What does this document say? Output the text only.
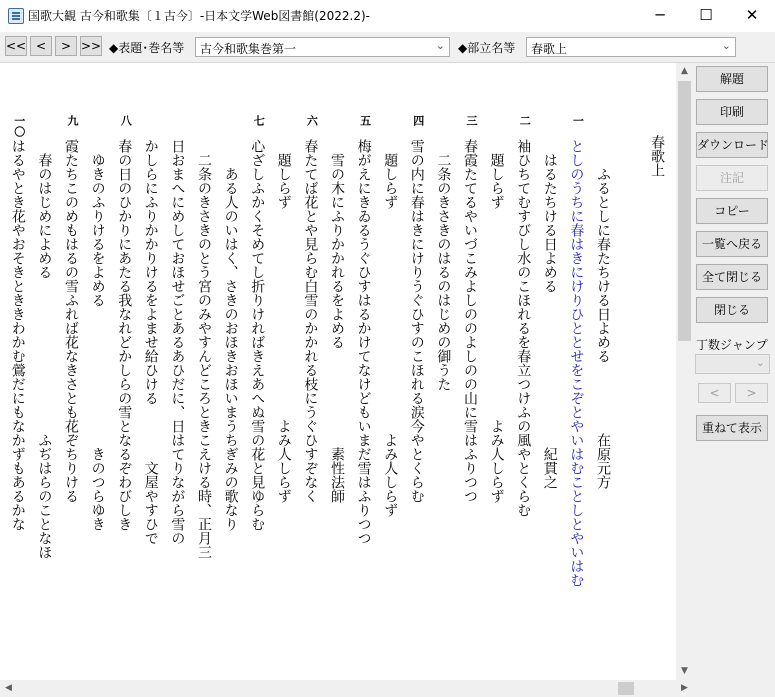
国歌大観 古今和歌集〔１古今〕-日本文学Web図書館(2022.2)-	─	☐	✕
<< <	> >> ◆表題･巻名等 古今和歌集巻第一	⌄ ◆部立名等 春歌上	⌄
春歌上
　　ふるとしに春たちける日よめる　　　　　在原元方
一
としのうちに春はきにけりひととせをこぞとやいはむことしとやいはむ
　はるたちける日よめる　　　　　　　　　　　紀貫之
二
袖ひちてむすびし水のこほれるを春立つけふの風やとくらむ
　題しらず　　　　　　　　　　　　　　　よみ人しらず
三
春霞たてるやいづこみよしののよしのの山に雪はふりつつ
　二条のきさきのはるのはじめの御うた
四
雪の内に春はきにけりうぐひすのこほれる涙今やとくらむ
　題しらず　　　　　　　　　　　　　　　　よみ人しらず
五
梅がえにきゐるうぐひすはるかけてなけどもいまだ雪はふりつつ
　雪の木にふりかかれるをよめる　　　　　　　素性法師
六
春たてば花とや見らむ白雪のかかれる枝にうぐひすぞなく
　題しらず　　　　　　　　　　　　　　　よみ人しらず
七
心ざしふかくそめてし折りければきえあへぬ雪の花と見ゆらむ
　　ある人のいはく、さきのおほきおほいまうちぎみの歌なり
　二条のきさきのとう宮のみやすんどころときこえける時、正月三
日おまへにめしておほせごとあるあひだに、日はてりながら雪の
かしらにふりかかりけるをよませ給ひける　　　　文屋やすひで
八
春の日のひかりにあたる我なれどかしらの雪となるぞわびしき
　ゆきのふりけるをよめる　　　　　　　　　　きのつらゆき
九
霞たちこのめもはるの雪ふれば花なきさとも花ぞちりける
　春のはじめによめる　　　　　　　　　　　ふぢはらのことなほ
一〇
はるやとき花やおそきとききわかむ鶯だにもなかずもあるかな
▲
▼
◀	▶
丁数ジャンプ
⌄
<	>
重ねて表示
解題
印刷
ダウンロード
注記
コピー
一覧へ戻る
全て閉じる
閉じる
